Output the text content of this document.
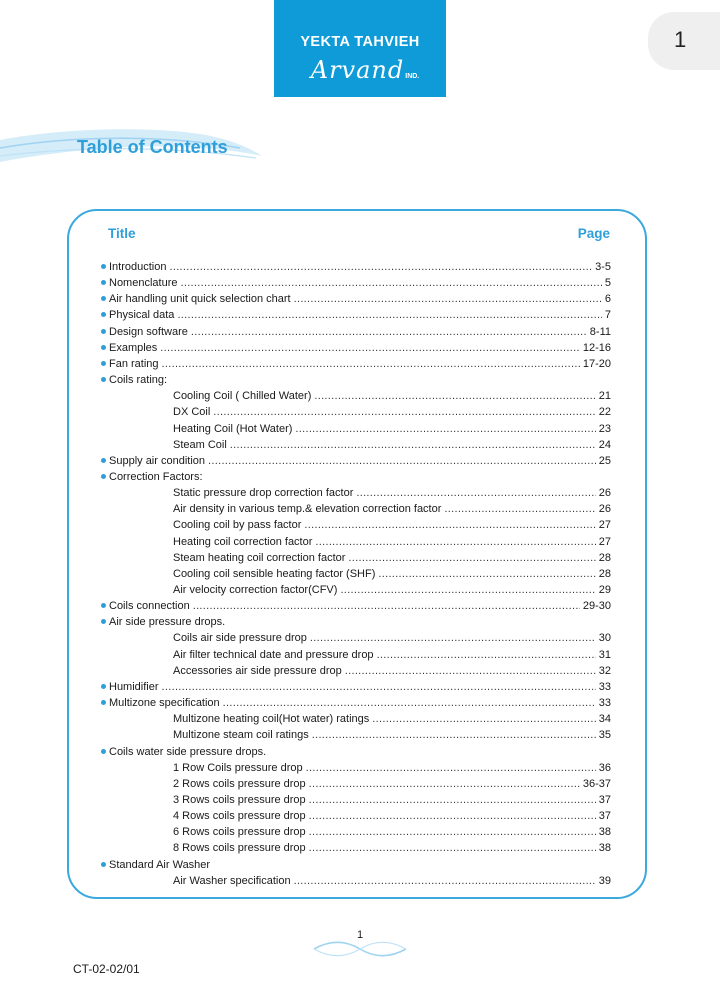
YEKTA TAHVIEH
ArvandIND.
1
Table of Contents
Title	Page
Introduction .....	3-5
Nomenclature .....	5
Air handling unit quick selection chart .....	6
Physical data .....	7
Design software .....	8-11
Examples .....	12-16
Fan rating .....	17-20
Coils rating:
Cooling Coil ( Chilled Water) .....	21
DX Coil .....	22
Heating Coil (Hot Water) .....	23
Steam Coil .....	24
Supply air condition .....	25
Correction Factors:
Static pressure drop correction factor .....	26
Air density in various temp.& elevation correction factor .....	26
Cooling coil by pass factor .....	27
Heating coil correction factor .....	27
Steam heating coil correction factor .....	28
Cooling coil sensible heating factor (SHF) .....	28
Air velocity correction factor(CFV) .....	29
Coils connection .....	29-30
Air side pressure drops.
Coils air side pressure drop .....	30
Air filter technical date and pressure drop .....	31
Accessories air side pressure drop .....	32
Humidifier .....	33
Multizone specification .....	33
Multizone heating coil(Hot water) ratings .....	34
Multizone steam coil ratings .....	35
Coils water side pressure drops.
1 Row Coils pressure drop .....	36
2 Rows coils pressure drop .....	36-37
3 Rows coils pressure drop .....	37
4 Rows coils pressure drop .....	37
6 Rows coils pressure drop .....	38
8 Rows coils pressure drop .....	38
Standard Air Washer
Air Washer specification .....	39
1
CT-02-02/01
